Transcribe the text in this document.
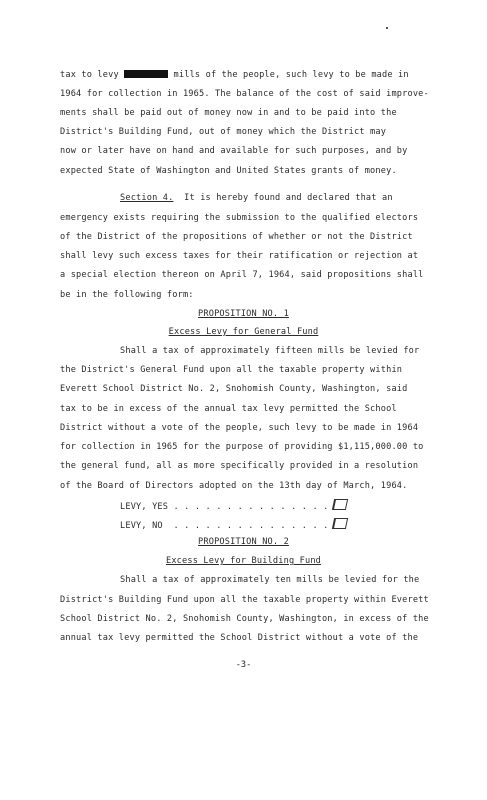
tax to levy	mills of the people, such levy to be made in
1964 for collection in 1965. The balance of the cost of said improve-
ments shall be paid out of money now in and to be paid into the
District's Building Fund, out of money which the District may
now or later have on hand and available for such purposes, and by
expected State of Washington and United States grants of money.
Section 4. It is hereby found and declared that an
emergency exists requiring the submission to the qualified electors
of the District of the propositions of whether or not the District
shall levy such excess taxes for their ratification or rejection at
a special election thereon on April 7, 1964, said propositions shall
be in the following form:
PROPOSITION NO. 1
Excess Levy for General Fund
Shall a tax of approximately fifteen mills be levied for
the District's General Fund upon all the taxable property within
Everett School District No. 2, Snohomish County, Washington, said
tax to be in excess of the annual tax levy permitted the School
District without a vote of the people, such levy to be made in 1964
for collection in 1965 for the purpose of providing $1,115,000.00 to
the general fund, all as more specifically provided in a resolution
of the Board of Directors adopted on the 13th day of March, 1964.
LEVY, YES . . . . . . . . . . . . . . .
LEVY, NO  . . . . . . . . . . . . . . .
PROPOSITION NO. 2
Excess Levy for Building Fund
Shall a tax of approximately ten mills be levied for the
District's Building Fund upon all the taxable property within Everett
School District No. 2, Snohomish County, Washington, in excess of the
annual tax levy permitted the School District without a vote of the
-3-
